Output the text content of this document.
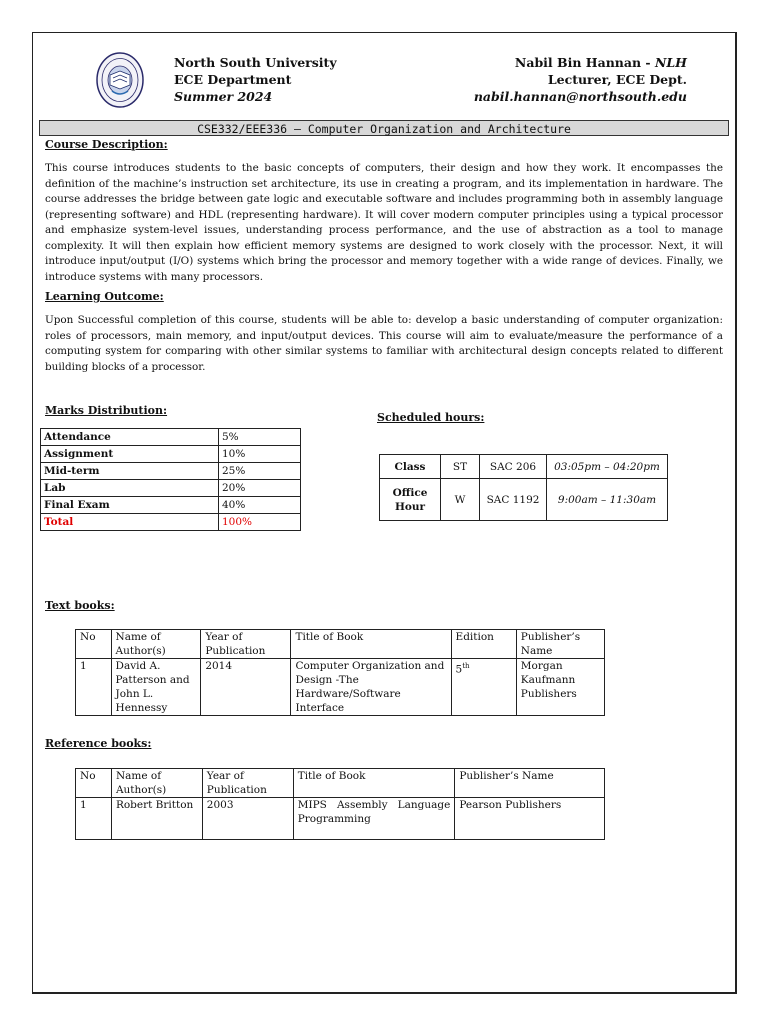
North South University
ECE Department
Summer 2024
Nabil Bin Hannan - NLH
Lecturer, ECE Dept.
nabil.hannan@northsouth.edu
CSE332/EEE336 – Computer Organization and Architecture
Course Description:
This course introduces students to the basic concepts of computers, their design and how they work. It encompasses the definition of the machine’s instruction set architecture, its use in creating a program, and its implementation in hardware. The course addresses the bridge between gate logic and executable software and includes programming both in assembly language (representing software) and HDL (representing hardware). It will cover modern computer principles using a typical processor and emphasize system-level issues, understanding process performance, and the use of abstraction as a tool to manage complexity. It will then explain how efficient memory systems are designed to work closely with the processor. Next, it will introduce input/output (I/O) systems which bring the processor and memory together with a wide range of devices. Finally, we introduce systems with many processors.
Learning Outcome:
Upon Successful completion of this course, students will be able to: develop a basic understanding of computer organization: roles of processors, main memory, and input/output devices. This course will aim to evaluate/measure the performance of a computing system for comparing with other similar systems to familiar with architectural design concepts related to different building blocks of a processor.
Marks Distribution:
Attendance	5%
Assignment	10%
Mid-term	25%
Lab	20%
Final Exam	40%
Total	100%
Scheduled hours:
Class	ST	SAC 206	03:05pm – 04:20pm
Office Hour	W	SAC 1192	9:00am – 11:30am
Text books:
No	Name of Author(s)	Year of Publication	Title of Book	Edition	Publisher’s Name
1	David A. Patterson and John L. Hennessy	2014	Computer Organization and Design -The Hardware/Software Interface	5th	Morgan Kaufmann Publishers
Reference books:
No	Name of Author(s)	Year of Publication	Title of Book	Publisher’s Name
1	Robert Britton	2003	MIPS Assembly Language Programming	Pearson Publishers
